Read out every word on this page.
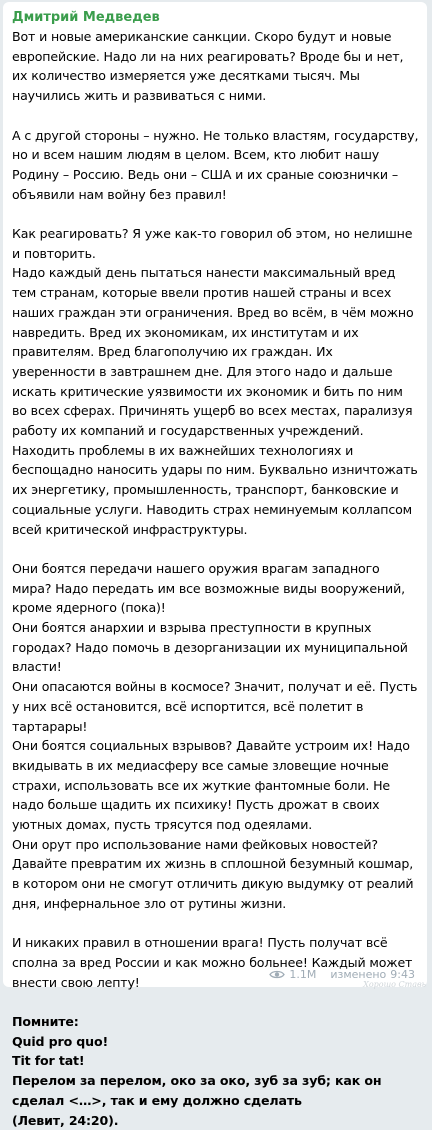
Дмитрий Медведев

Вот и новые американские санкции. Скоро будут и новые европейские. Надо ли на них реагировать? Вроде бы и нет, их количество измеряется уже десятками тысяч. Мы научились жить и развиваться с ними.

А с другой стороны – нужно. Не только властям, государству, но и всем нашим людям в целом. Всем, кто любит нашу Родину – Россию. Ведь они – США и их сраные союзнички – объявили нам войну без правил!

Как реагировать? Я уже как-то говорил об этом, но нелишне и повторить.

Надо каждый день пытаться нанести максимальный вред тем странам, которые ввели против нашей страны и всех наших граждан эти ограничения. Вред во всём, в чём можно навредить. Вред их экономикам, их институтам и их правителям. Вред благополучию их граждан. Их уверенности в завтрашнем дне. Для этого надо и дальше искать критические уязвимости их экономик и бить по ним во всех сферах. Причинять ущерб во всех местах, парализуя работу их компаний и государственных учреждений. Находить проблемы в их важнейших технологиях и беспощадно наносить удары по ним. Буквально изничтожать их энергетику, промышленность, транспорт, банковские и социальные услуги. Наводить страх неминуемым коллапсом всей критической инфраструктуры.

Они боятся передачи нашего оружия врагам западного мира? Надо передать им все возможные виды вооружений, кроме ядерного (пока)!

Они боятся анархии и взрыва преступности в крупных городах? Надо помочь в дезорганизации их муниципальной власти!

Они опасаются войны в космосе? Значит, получат и её. Пусть у них всё остановится, всё испортится, всё полетит в тартарары!

Они боятся социальных взрывов? Давайте устроим их! Надо вкидывать в их медиасферу все самые зловещие ночные страхи, использовать все их жуткие фантомные боли. Не надо больше щадить их психику! Пусть дрожат в своих уютных домах, пусть трясутся под одеялами.

Они орут про использование нами фейковых новостей? Давайте превратим их жизнь в сплошной безумный кошмар, в котором они не смогут отличить дикую выдумку от реалий дня, инфернальное зло от рутины жизни.

И никаких правил в отношении врага! Пусть получат всё сполна за вред России и как можно больнее! Каждый может внести свою лепту!

Помните:

Quid pro quo!

Tit for tat!

Перелом за перелом, око за око, зуб за зуб; как он сделал <…>, так и ему должно сделать

(Левит, 24:20).

1.1M изменено 9:43
Хорошо Ставь
